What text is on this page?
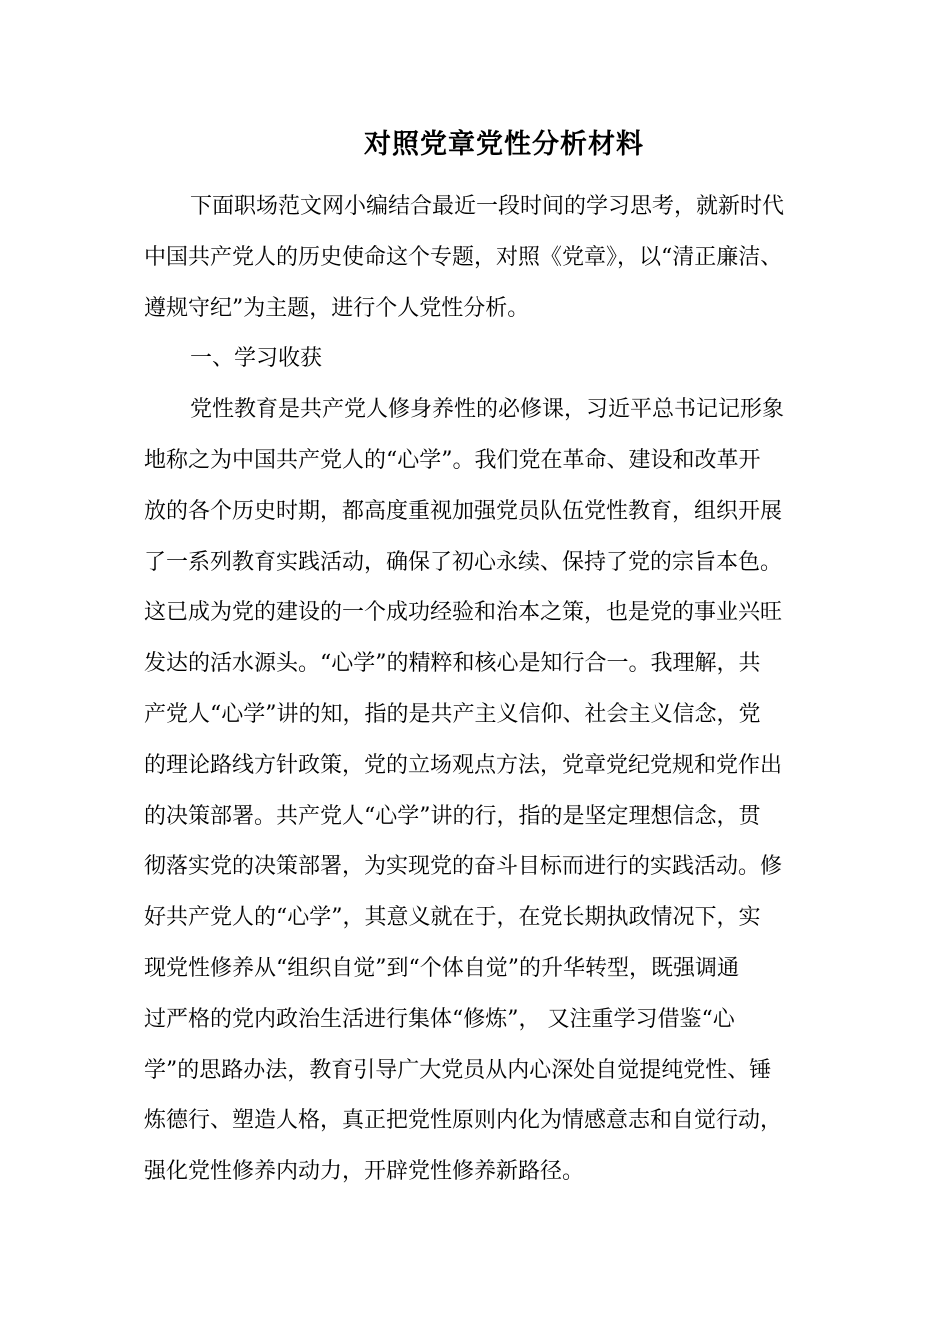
对照党章党性分析材料

下面职场范文网小编结合最近一段时间的学习思考，就新时代
中国共产党人的历史使命这个专题，对照《党章》，以“清正廉洁、
遵规守纪”为主题，进行个人党性分析。

一、学习收获

党性教育是共产党人修身养性的必修课，习近平总书记记形象
地称之为中国共产党人的“心学”。我们党在革命、建设和改革开
放的各个历史时期，都高度重视加强党员队伍党性教育，组织开展
了一系列教育实践活动，确保了初心永续、保持了党的宗旨本色。
这已成为党的建设的一个成功经验和治本之策，也是党的事业兴旺
发达的活水源头。“心学”的精粹和核心是知行合一。我理解，共
产党人“心学”讲的知，指的是共产主义信仰、社会主义信念，党
的理论路线方针政策，党的立场观点方法，党章党纪党规和党作出
的决策部署。共产党人“心学”讲的行，指的是坚定理想信念，贯
彻落实党的决策部署，为实现党的奋斗目标而进行的实践活动。修
好共产党人的“心学”，其意义就在于，在党长期执政情况下，实
现党性修养从“组织自觉”到“个体自觉”的升华转型，既强调通
过严格的党内政治生活进行集体“修炼”， 又注重学习借鉴“心
学”的思路办法，教育引导广大党员从内心深处自觉提纯党性、锤
炼德行、塑造人格，真正把党性原则内化为情感意志和自觉行动，
强化党性修养内动力，开辟党性修养新路径。
